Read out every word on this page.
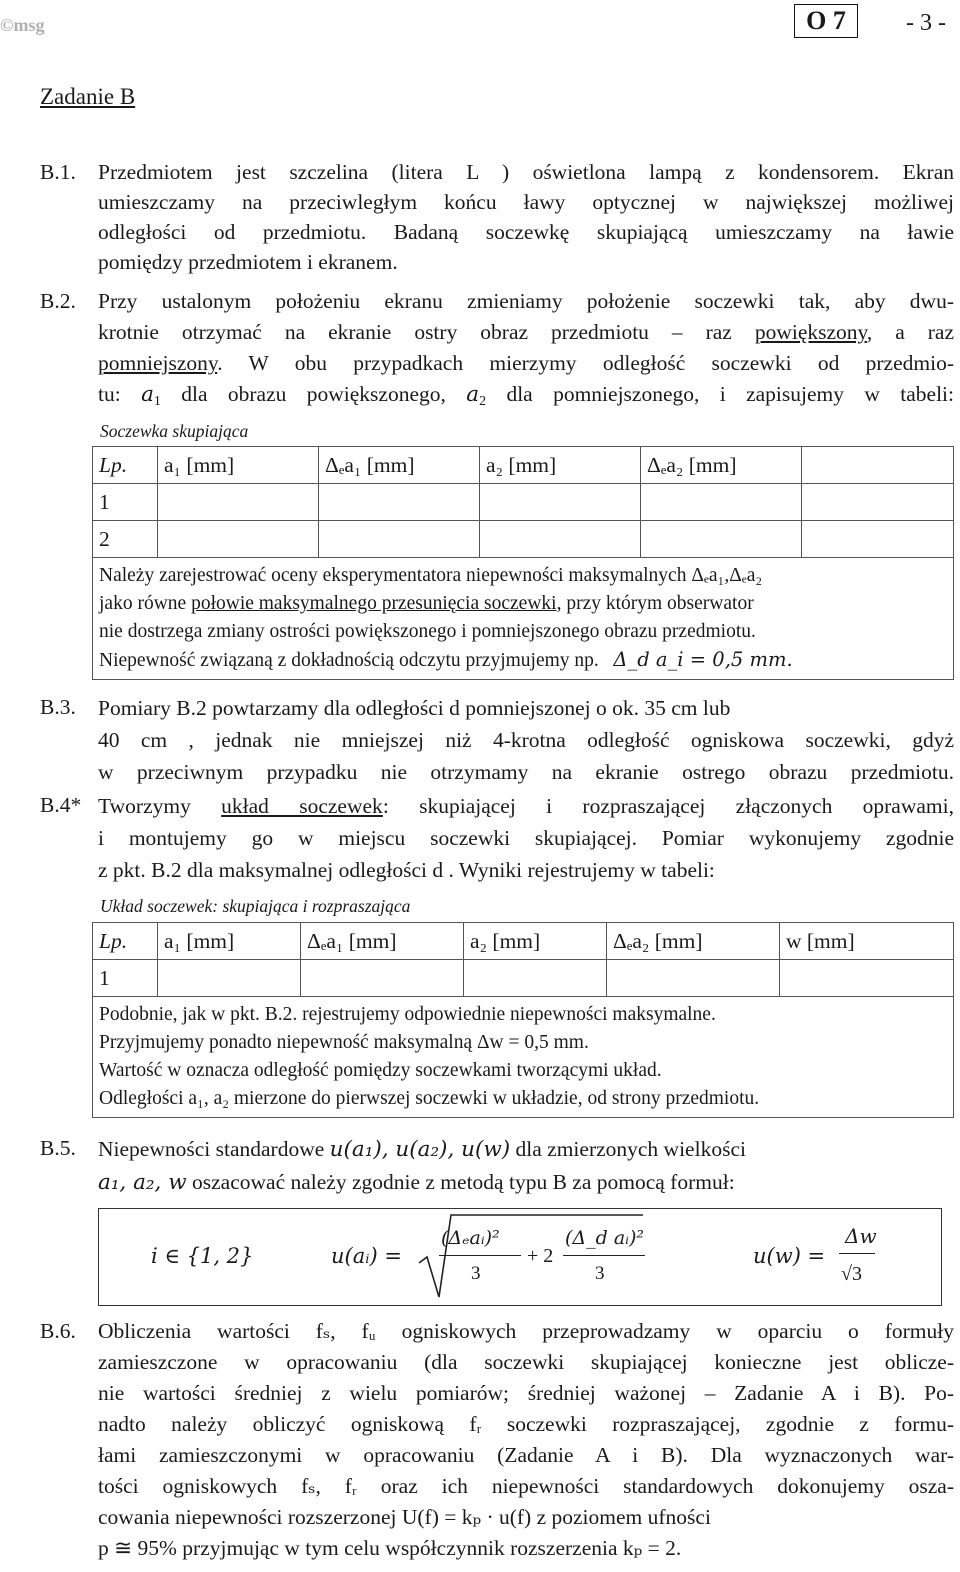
©msg	O 7	- 3 -
Zadanie B
B.1. Przedmiotem jest szczelina (litera L ) oświetlona lampą z kondensorem. Ekran
umieszczamy na przeciwległym końcu ławy optycznej w największej możliwej
odległości od przedmiotu. Badaną soczewkę skupiającą umieszczamy na ławie
pomiędzy przedmiotem i ekranem.
B.2. Przy ustalonym położeniu ekranu zmieniamy położenie soczewki tak, aby dwu-
krotnie otrzymać na ekranie ostry obraz przedmiotu – raz powiększony, a raz
pomniejszony. W obu przypadkach mierzymy odległość soczewki od przedmio-
tu: $a_1$ dla obrazu powiększonego, $a_2$ dla pomniejszonego, i zapisujemy w tabeli:
Soczewka skupiająca
Lp.	a₁ [mm]	Δₑa₁ [mm]	a₂ [mm]	Δₑa₂ [mm]	
1					
2					

Należy zarejestrować oceny eksperymentatora niepewności maksymalnych Δₑa₁,Δₑa₂
jako równe połowie maksymalnego przesunięcia soczewki, przy którym obserwator
nie dostrzega zmiany ostrości powiększonego i pomniejszonego obrazu przedmiotu.
Niepewność związaną z dokładnością odczytu przyjmujemy np. Δ_d a_i = 0,5 mm.					
B.3. Pomiary B.2 powtarzamy dla odległości d pomniejszonej o ok. 35 cm lub
40 cm , jednak nie mniejszej niż 4-krotna odległość ogniskowa soczewki, gdyż
w przeciwnym przypadku nie otrzymamy na ekranie ostrego obrazu przedmiotu.
B.4* Tworzymy układ soczewek: skupiającej i rozpraszającej złączonych oprawami,
i montujemy go w miejscu soczewki skupiającej. Pomiar wykonujemy zgodnie
z pkt. B.2 dla maksymalnej odległości d . Wyniki rejestrujemy w tabeli:
Układ soczewek: skupiająca i rozpraszająca
Lp.	a₁ [mm]	Δₑa₁ [mm]	a₂ [mm]	Δₑa₂ [mm]	w [mm]
1					

Podobnie, jak w pkt. B.2. rejestrujemy odpowiednie niepewności maksymalne.
Przyjmujemy ponadto niepewność maksymalną Δw = 0,5 mm.
Wartość w oznacza odległość pomiędzy soczewkami tworzącymi układ.
Odległości a₁, a₂ mierzone do pierwszej soczewki w układzie, od strony przedmiotu.					
B.5. Niepewności standardowe u(a₁), u(a₂), u(w) dla zmierzonych wielkości
a₁, a₂, w oszacować należy zgodnie z metodą typu B za pomocą formuł:
i ∈ {1, 2}	u(aᵢ) =
(Δₑaᵢ)²
3
+ 2
(Δ_d aᵢ)²
3
u(w) =
Δw
√3
B.6. Obliczenia wartości fₛ, fᵤ ogniskowych przeprowadzamy w oparciu o formuły
zamieszczone w opracowaniu (dla soczewki skupiającej konieczne jest oblicze-
nie wartości średniej z wielu pomiarów; średniej ważonej – Zadanie A i B). Po-
nadto należy obliczyć ogniskową fᵣ soczewki rozpraszającej, zgodnie z formu-
łami zamieszczonymi w opracowaniu (Zadanie A i B). Dla wyznaczonych war-
tości ogniskowych fₛ, fᵣ oraz ich niepewności standardowych dokonujemy osza-
cowania niepewności rozszerzonej U(f) = kₚ · u(f) z poziomem ufności
p ≅ 95% przyjmując w tym celu współczynnik rozszerzenia kₚ = 2.
